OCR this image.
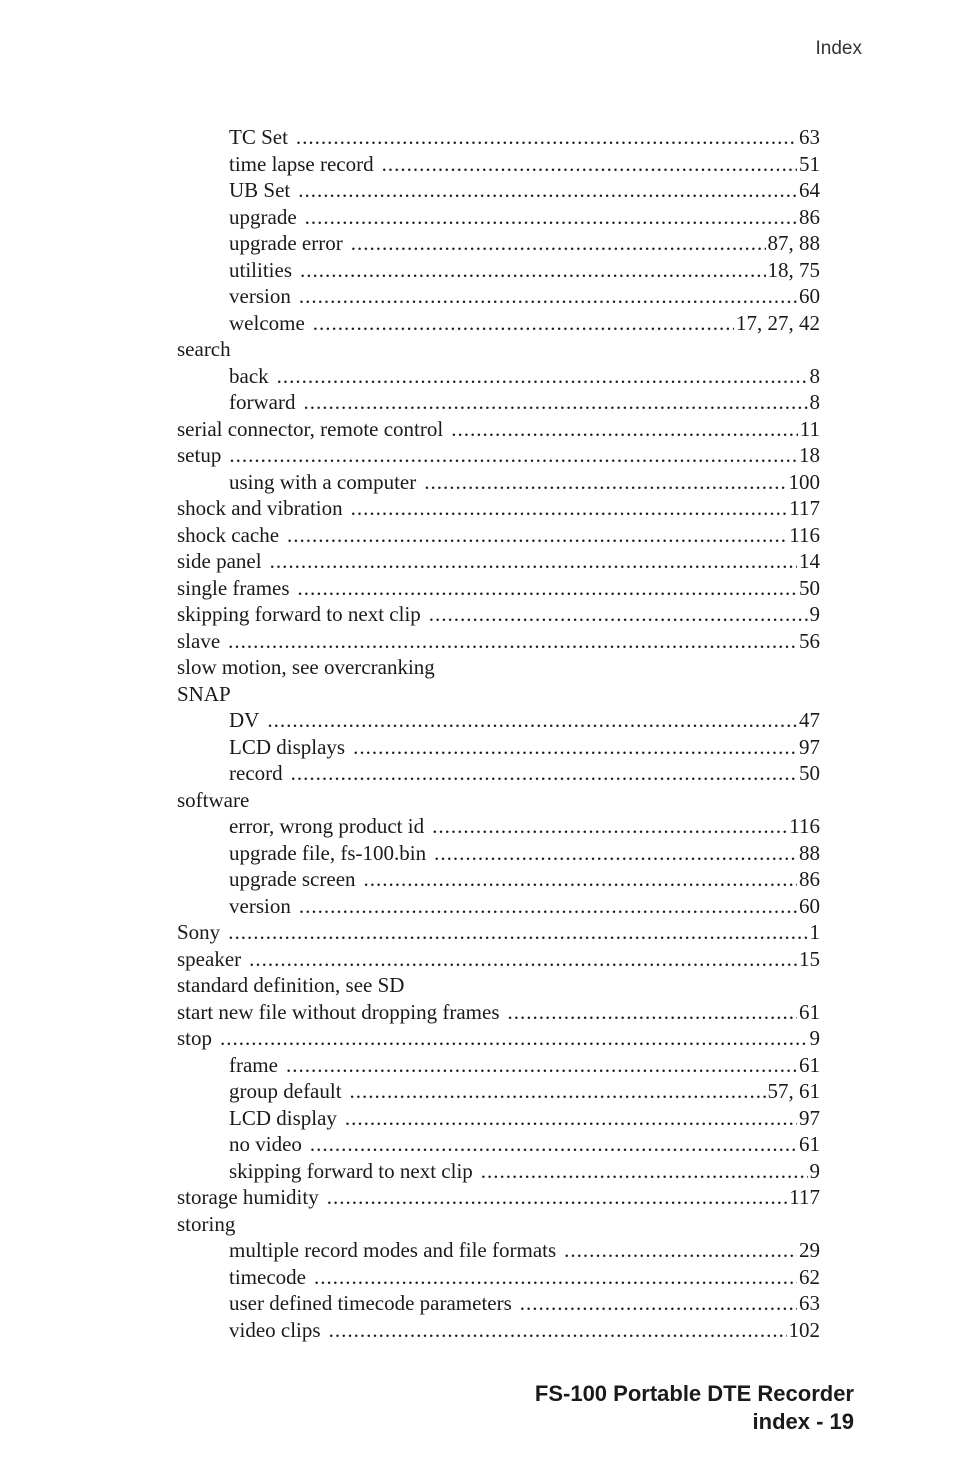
Index
TC Set .....	63
time lapse record .....	51
UB Set .....	64
upgrade .....	86
upgrade error .....	87, 88
utilities .....	18, 75
version .....	60
welcome .....	17, 27, 42
search
back .....	8
forward .....	8
serial connector, remote control .....	11
setup .....	18
using with a computer .....	100
shock and vibration .....	117
shock cache .....	116
side panel .....	14
single frames .....	50
skipping forward to next clip .....	9
slave .....	56
slow motion, see overcranking
SNAP
DV .....	47
LCD displays .....	97
record .....	50
software
error, wrong product id .....	116
upgrade file, fs-100.bin .....	88
upgrade screen .....	86
version .....	60
Sony .....	1
speaker .....	15
standard definition, see SD
start new file without dropping frames .....	61
stop .....	9
frame .....	61
group default .....	57, 61
LCD display .....	97
no video .....	61
skipping forward to next clip .....	9
storage humidity .....	117
storing
multiple record modes and file formats .....	29
timecode .....	62
user defined timecode parameters .....	63
video clips .....	102
FS-100 Portable DTE Recorder
index - 19
